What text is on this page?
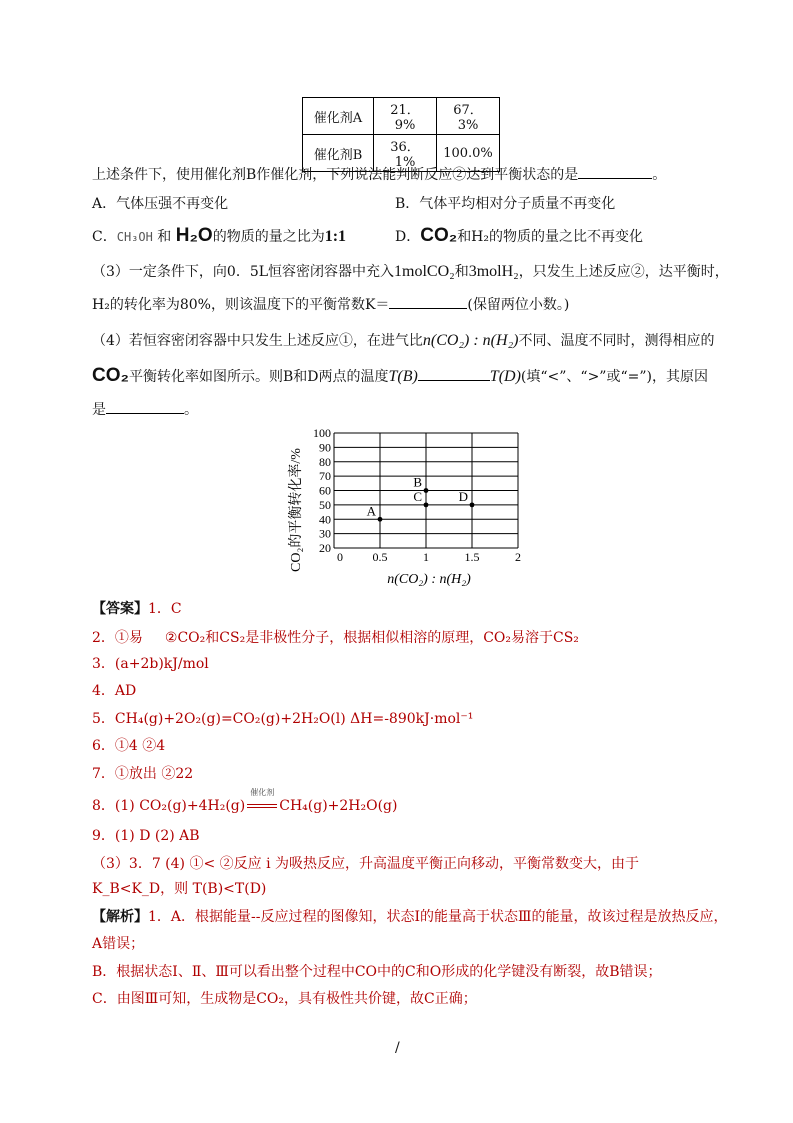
催化剂A	21．9%	67．3%
催化剂B	36．1%	100.0%
上述条件下，使用催化剂B作催化剂，下列说法能判断反应②达到平衡状态的是	。
A．气体压强不再变化	B．气体平均相对分子质量不再变化
C．CH₃OH 和 H₂O的物质的量之比为1:1	D．CO₂和H₂的物质的量之比不再变化
（3）一定条件下，向0．5L恒容密闭容器中充入1molCO₂和3molH₂，只发生上述反应②，达平衡时，
H₂的转化率为80%，则该温度下的平衡常数K＝	(保留两位小数。)
（4）若恒容密闭容器中只发生上述反应①，在进气比n(CO₂) : n(H₂)不同、温度不同时，测得相应的
CO₂平衡转化率如图所示。则B和D两点的温度T(B)	T(D)(填“<”、“>”或“=”)，其原因
是	。
20
30
40
50
60
70
80
90
100
0 0.5	1	1.5	2
A
B
C	D
CO₂的平衡转化率/%
n(CO₂) : n(H₂)
【答案】1．C
2．①易 ②CO₂和CS₂是非极性分子，根据相似相溶的原理，CO₂易溶于CS₂
3．(a+2b)kJ/mol
4．AD
5．CH₄(g)+2O₂(g)=CO₂(g)+2H₂O(l) ΔH=-890kJ·mol⁻¹
6．①4 ②4
7．①放出 ②22
8．(1) CO₂(g)+4H₂(g)
催化剂
CH₄(g)+2H₂O(g)
9．(1) D (2) AB
（3）3．7 (4) ①< ②反应 i 为吸热反应，升高温度平衡正向移动，平衡常数变大，由于
K_B<K_D，则 T(B)<T(D)
【解析】1．A．根据能量--反应过程的图像知，状态Ⅰ的能量高于状态Ⅲ的能量，故该过程是放热反应，
A错误；
B．根据状态Ⅰ、Ⅱ、Ⅲ可以看出整个过程中CO中的C和O形成的化学键没有断裂，故B错误；
C．由图Ⅲ可知，生成物是CO₂，具有极性共价键，故C正确；
/
